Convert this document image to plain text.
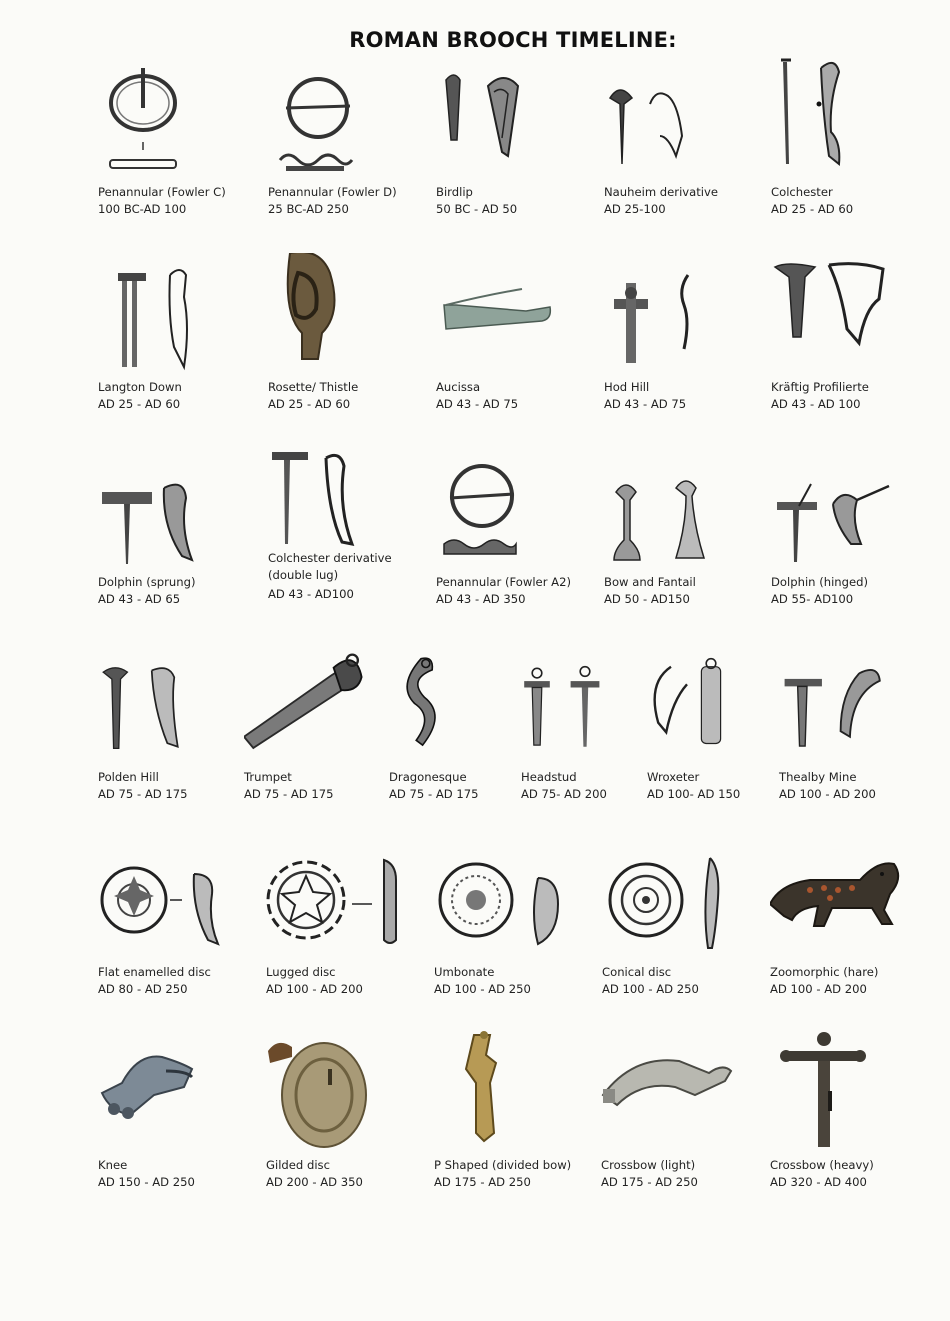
ROMAN BROOCH TIMELINE:
Penannular (Fowler C)
100 BC-AD 100
Penannular (Fowler D)
25 BC-AD 250
Birdlip
50 BC - AD 50
Nauheim derivative
AD 25-100
Colchester
AD 25 - AD 60
Langton Down
AD 25 - AD 60
Rosette/ Thistle
AD 25 - AD 60
Aucissa
AD 43 - AD 75
Hod Hill
AD 43 - AD 75
Kräftig Profilierte
AD 43 - AD 100
Dolphin (sprung)
AD 43 - AD 65
Colchester derivative
(double lug)
AD 43 - AD100
Penannular (Fowler A2)
AD 43 - AD 350
Bow and Fantail
AD 50 - AD150
Dolphin (hinged)
AD 55- AD100
Polden Hill
AD 75 - AD 175
Trumpet
AD 75 - AD 175
Dragonesque
AD 75 - AD 175
Headstud
AD 75- AD 200
Wroxeter
AD 100- AD 150
Thealby Mine
AD 100 - AD 200
Flat enamelled disc
AD 80 - AD 250
Lugged disc
AD 100 - AD 200
Umbonate
AD 100 - AD 250
Conical disc
AD 100 - AD 250
Zoomorphic (hare)
AD 100 - AD 200
Knee
AD 150 - AD 250
Gilded disc
AD 200 - AD 350
P Shaped (divided bow)
AD 175 - AD 250
Crossbow (light)
AD 175 - AD 250
Crossbow (heavy)
AD 320 - AD 400
